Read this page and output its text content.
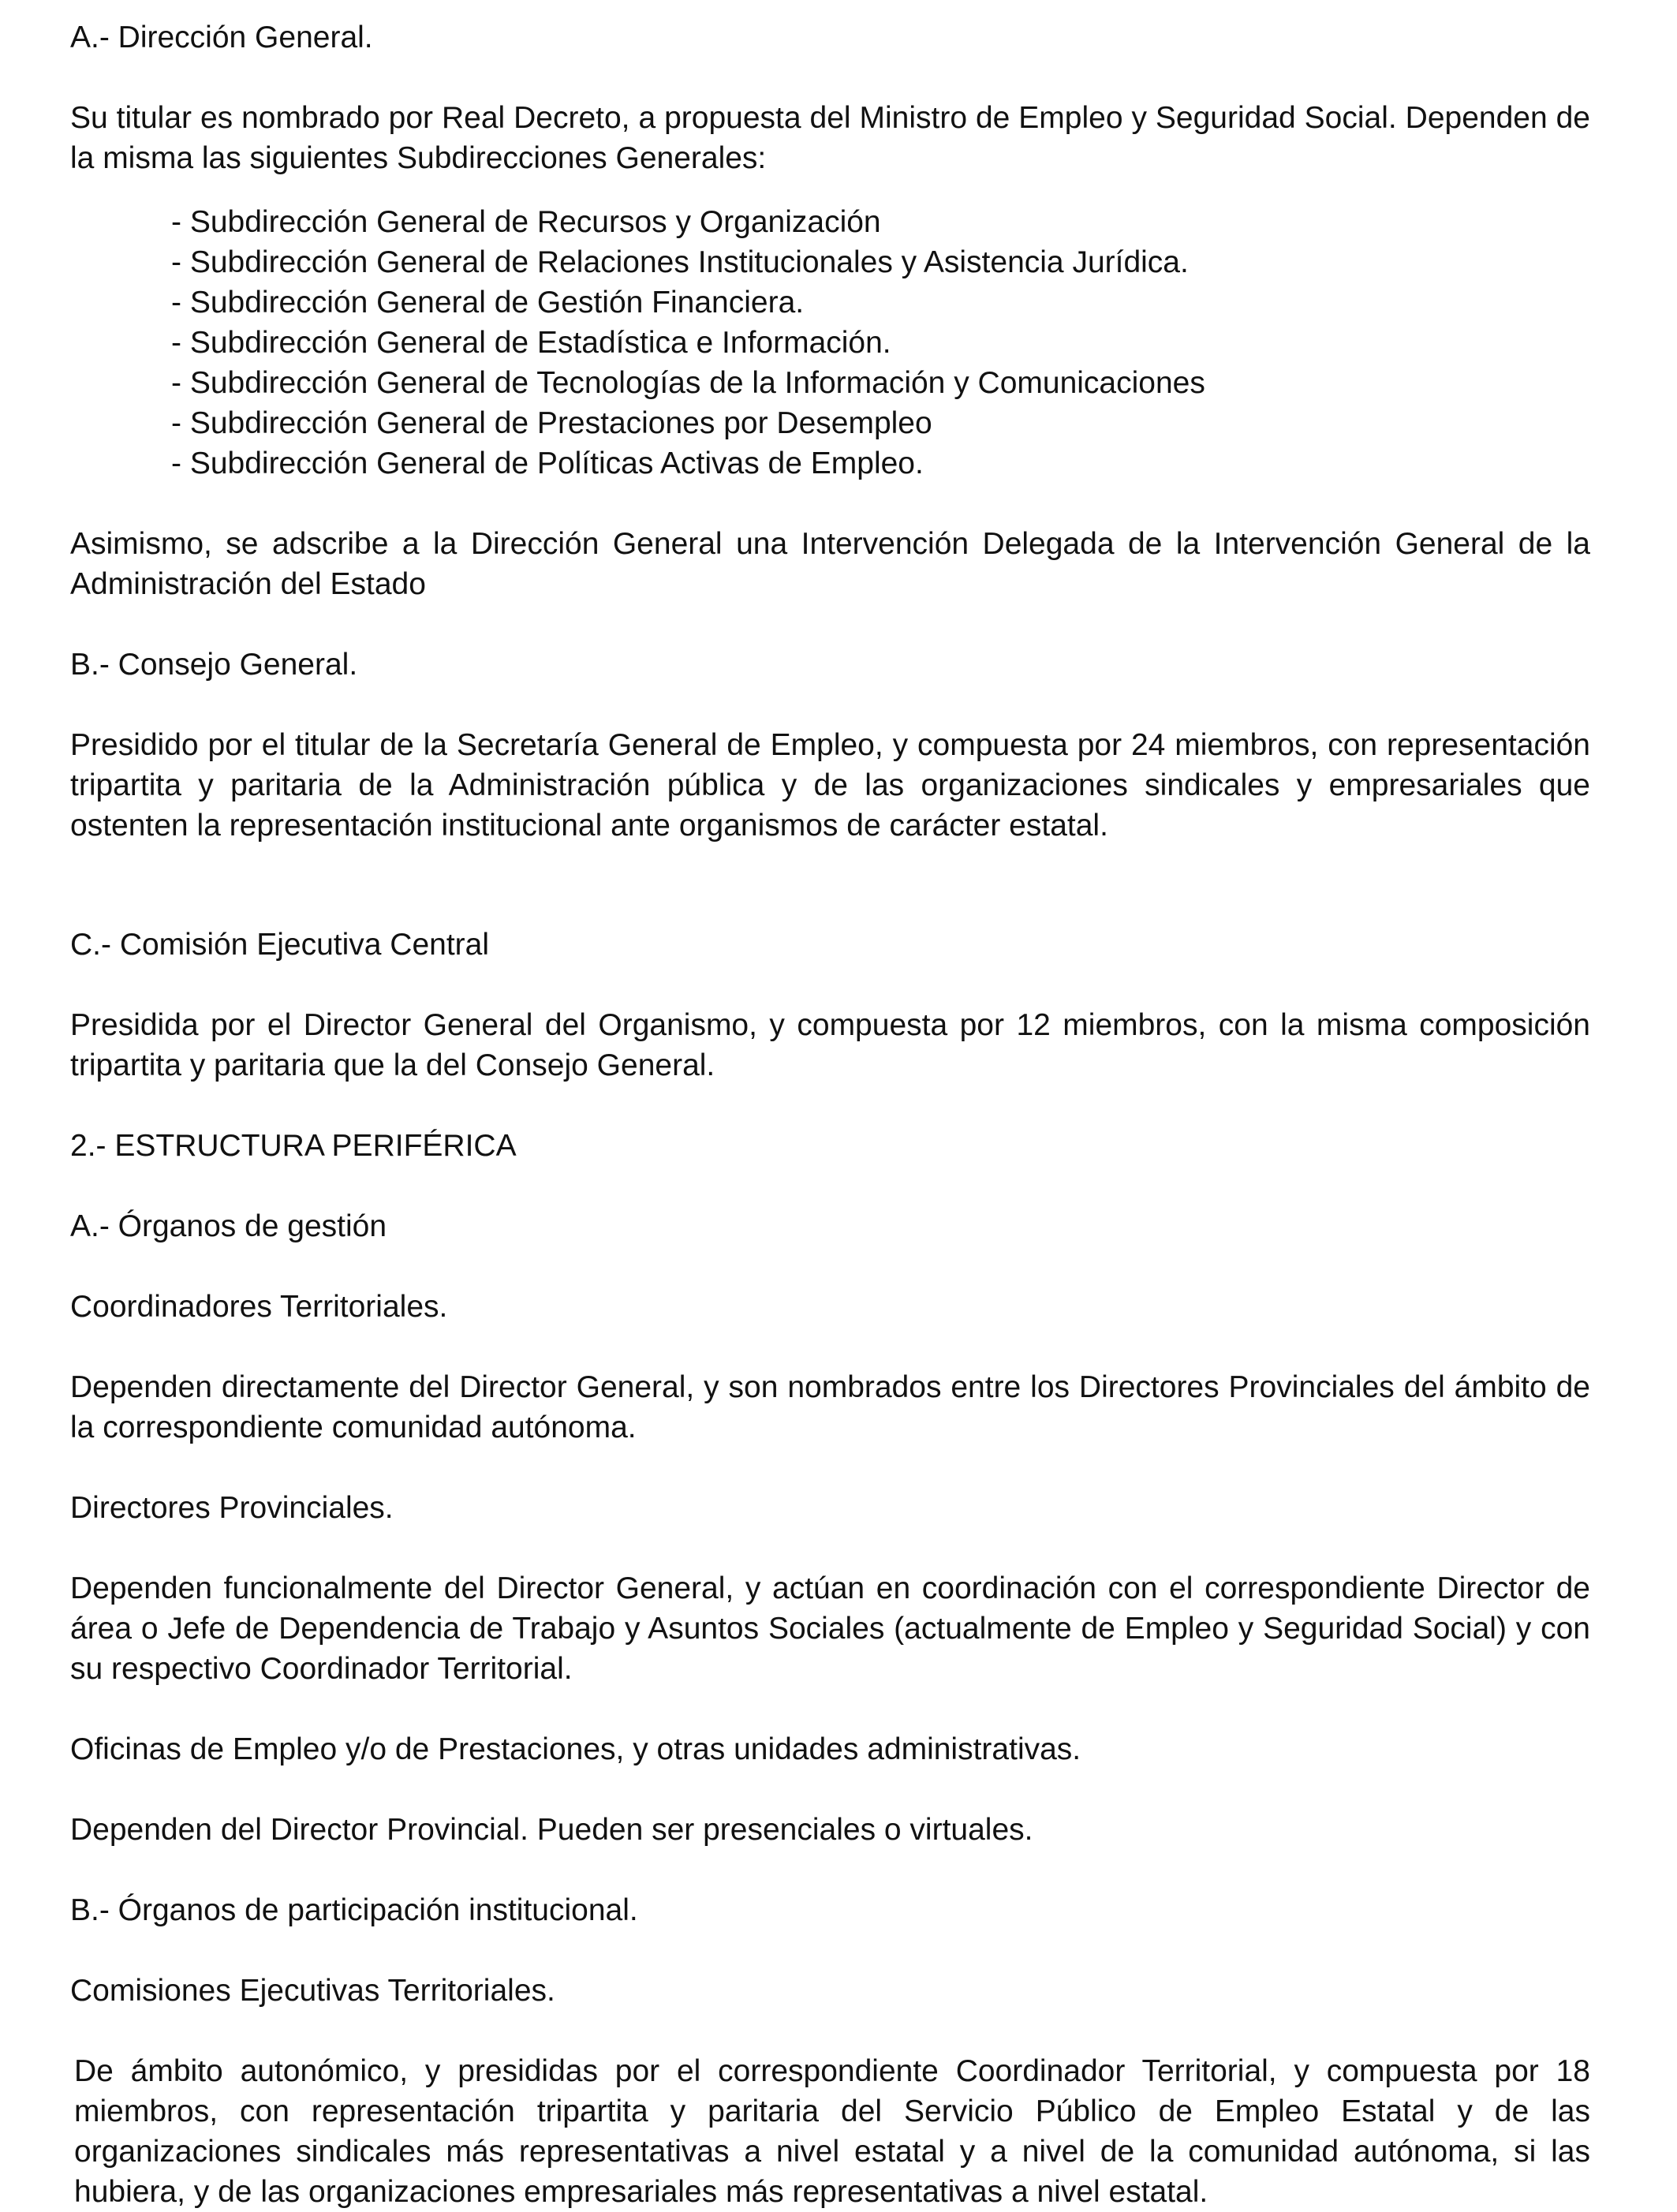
A.- Dirección General.

Su titular es nombrado por Real Decreto, a propuesta del Ministro de Empleo y Seguridad Social. Dependen de la misma las siguientes Subdirecciones Generales:

- Subdirección General de Recursos y Organización
- Subdirección General de Relaciones Institucionales y Asistencia Jurídica.
- Subdirección General de Gestión Financiera.
- Subdirección General de Estadística e Información.
- Subdirección General de Tecnologías de la Información y Comunicaciones
- Subdirección General de Prestaciones por Desempleo
- Subdirección General de Políticas Activas de Empleo.

Asimismo, se adscribe a la Dirección General una Intervención Delegada de la Intervención General de la Administración del Estado

B.- Consejo General.

Presidido por el titular de la Secretaría General de Empleo, y compuesta por 24 miembros, con representación tripartita y paritaria de la Administración pública y de las organizaciones sindicales y empresariales que ostenten la representación institucional ante organismos de carácter estatal.

C.- Comisión Ejecutiva Central

Presidida por el Director General del Organismo, y compuesta por 12 miembros, con la misma composición tripartita y paritaria que la del Consejo General.

2.- ESTRUCTURA PERIFÉRICA

A.- Órganos de gestión

Coordinadores Territoriales.

Dependen directamente del Director General, y son nombrados entre los Directores Provinciales del ámbito de la correspondiente comunidad autónoma.

Directores Provinciales.

Dependen funcionalmente del Director General, y actúan en coordinación con el correspondiente Director de área o Jefe de Dependencia de Trabajo y Asuntos Sociales (actualmente de Empleo y Seguridad Social) y con su respectivo Coordinador Territorial.

Oficinas de Empleo y/o de Prestaciones, y otras unidades administrativas.

Dependen del Director Provincial. Pueden ser presenciales o virtuales.

B.- Órganos de participación institucional.

Comisiones Ejecutivas Territoriales.

De ámbito autonómico, y presididas por el correspondiente Coordinador Territorial, y compuesta por 18 miembros, con representación tripartita y paritaria del Servicio Público de Empleo Estatal y de las organizaciones sindicales más representativas a nivel estatal y a nivel de la comunidad autónoma, si las hubiera, y de las organizaciones empresariales más representativas a nivel estatal.
